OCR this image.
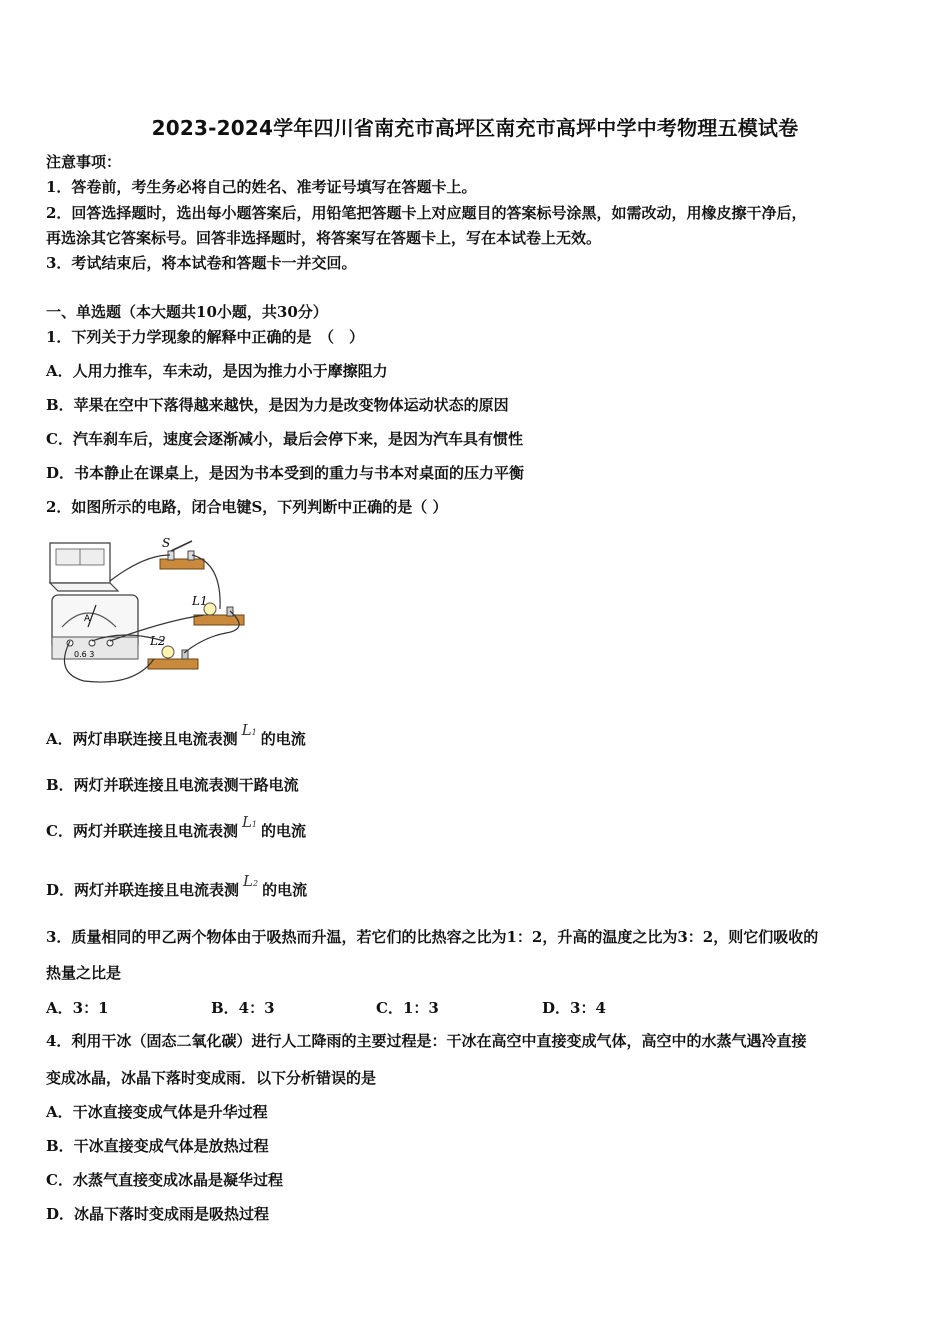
2023-2024学年四川省南充市高坪区南充市高坪中学中考物理五模试卷
注意事项：
1．答卷前，考生务必将自己的姓名、准考证号填写在答题卡上。
2．回答选择题时，选出每小题答案后，用铅笔把答题卡上对应题目的答案标号涂黑，如需改动，用橡皮擦干净后，
再选涂其它答案标号。回答非选择题时，将答案写在答题卡上，写在本试卷上无效。
3．考试结束后，将本试卷和答题卡一并交回。
一、单选题（本大题共10小题，共30分）
1．下列关于力学现象的解释中正确的是　（　）
A．人用力推车，车未动，是因为推力小于摩擦阻力
B．苹果在空中下落得越来越快，是因为力是改变物体运动状态的原因
C．汽车刹车后，速度会逐渐减小，最后会停下来，是因为汽车具有惯性
D．书本静止在课桌上，是因为书本受到的重力与书本对桌面的压力平衡
2．如图所示的电路，闭合电键S，下列判断中正确的是（ ）
A
0.6 3
S
L1
L2
A．两灯串联连接且电流表测 L1 的电流
B．两灯并联连接且电流表测干路电流
C．两灯并联连接且电流表测 L1 的电流
D．两灯并联连接且电流表测 L2 的电流
3．质量相同的甲乙两个物体由于吸热而升温，若它们的比热容之比为1：2，升高的温度之比为3：2，则它们吸收的
热量之比是
A．3：1	B．4：3	C．1：3	D．3：4
4．利用干冰（固态二氧化碳）进行人工降雨的主要过程是：干冰在高空中直接变成气体，高空中的水蒸气遇冷直接
变成冰晶，冰晶下落时变成雨．以下分析错误的是
A．干冰直接变成气体是升华过程
B．干冰直接变成气体是放热过程
C．水蒸气直接变成冰晶是凝华过程
D．冰晶下落时变成雨是吸热过程
